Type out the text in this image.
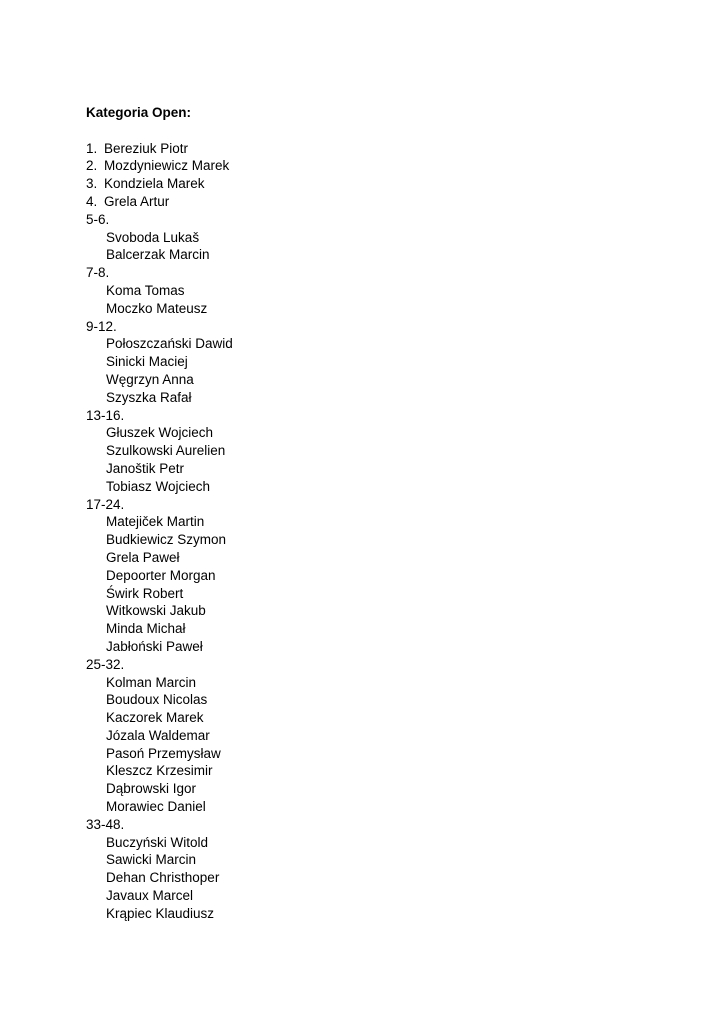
Kategoria Open:
1. Bereziuk Piotr
2. Mozdyniewicz Marek
3. Kondziela Marek
4. Grela Artur
5-6.
Svoboda Lukaš
Balcerzak Marcin
7-8.
Koma Tomas
Moczko Mateusz
9-12.
Połoszczański Dawid
Sinicki Maciej
Węgrzyn Anna
Szyszka Rafał
13-16.
Głuszek Wojciech
Szulkowski Aurelien
Janoštik Petr
Tobiasz Wojciech
17-24.
Matejiček Martin
Budkiewicz Szymon
Grela Paweł
Depoorter Morgan
Świrk Robert
Witkowski Jakub
Minda Michał
Jabłoński Paweł
25-32.
Kolman Marcin
Boudoux Nicolas
Kaczorek Marek
Józala Waldemar
Pasoń Przemysław
Kleszcz Krzesimir
Dąbrowski Igor
Morawiec Daniel
33-48.
Buczyński Witold
Sawicki Marcin
Dehan Christhoper
Javaux Marcel
Krąpiec Klaudiusz
